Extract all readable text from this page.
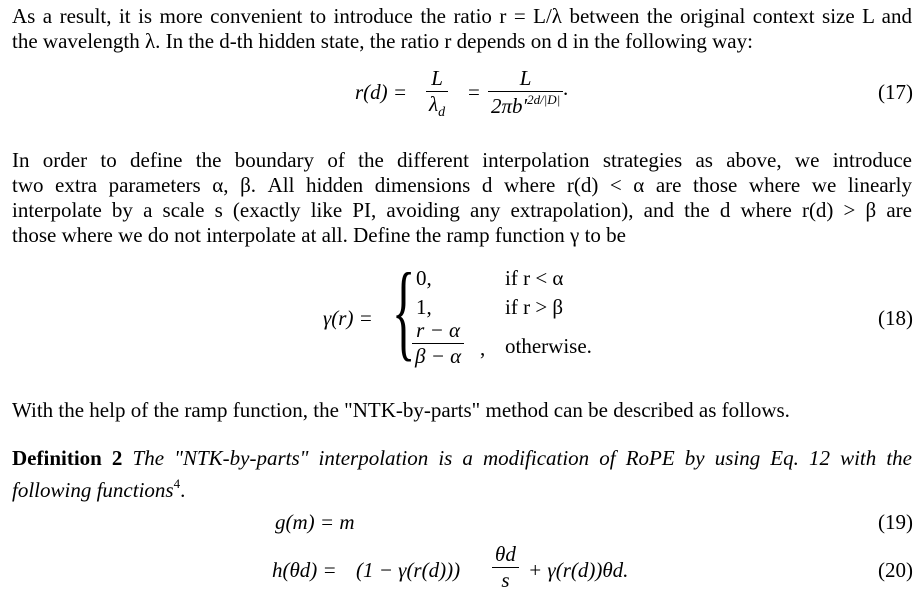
As a result, it is more convenient to introduce the ratio r = L/λ between the original context size L and
the wavelength λ. In the d-th hidden state, the ratio r depends on d in the following way:
$r(d) = \frac{L}{\lambda_d} = \frac{L}{2\pi b'^{2d/|D|}}$ .	(17)
In order to define the boundary of the different interpolation strategies as above, we introduce
two extra parameters α, β. All hidden dimensions d where r(d) < α are those where we linearly
interpolate by a scale s (exactly like PI, avoiding any extrapolation), and the d where r(d) > β are
those where we do not interpolate at all. Define the ramp function γ to be
γ(r) = { 0,	if r < α
1,	if r > β
$\frac{r - \alpha}{\beta - \alpha}$ , otherwise.
(18)
With the help of the ramp function, the "NTK-by-parts" method can be described as follows.
Definition 2 The "NTK-by-parts" interpolation is a modification of RoPE by using Eq. 12 with the
following functions$^4$.
g(m) = m	(19)
$h(\theta d) = (1 - \gamma(r(d))) \frac{\theta d}{s} + \gamma(r(d))\theta d$.	(20)
